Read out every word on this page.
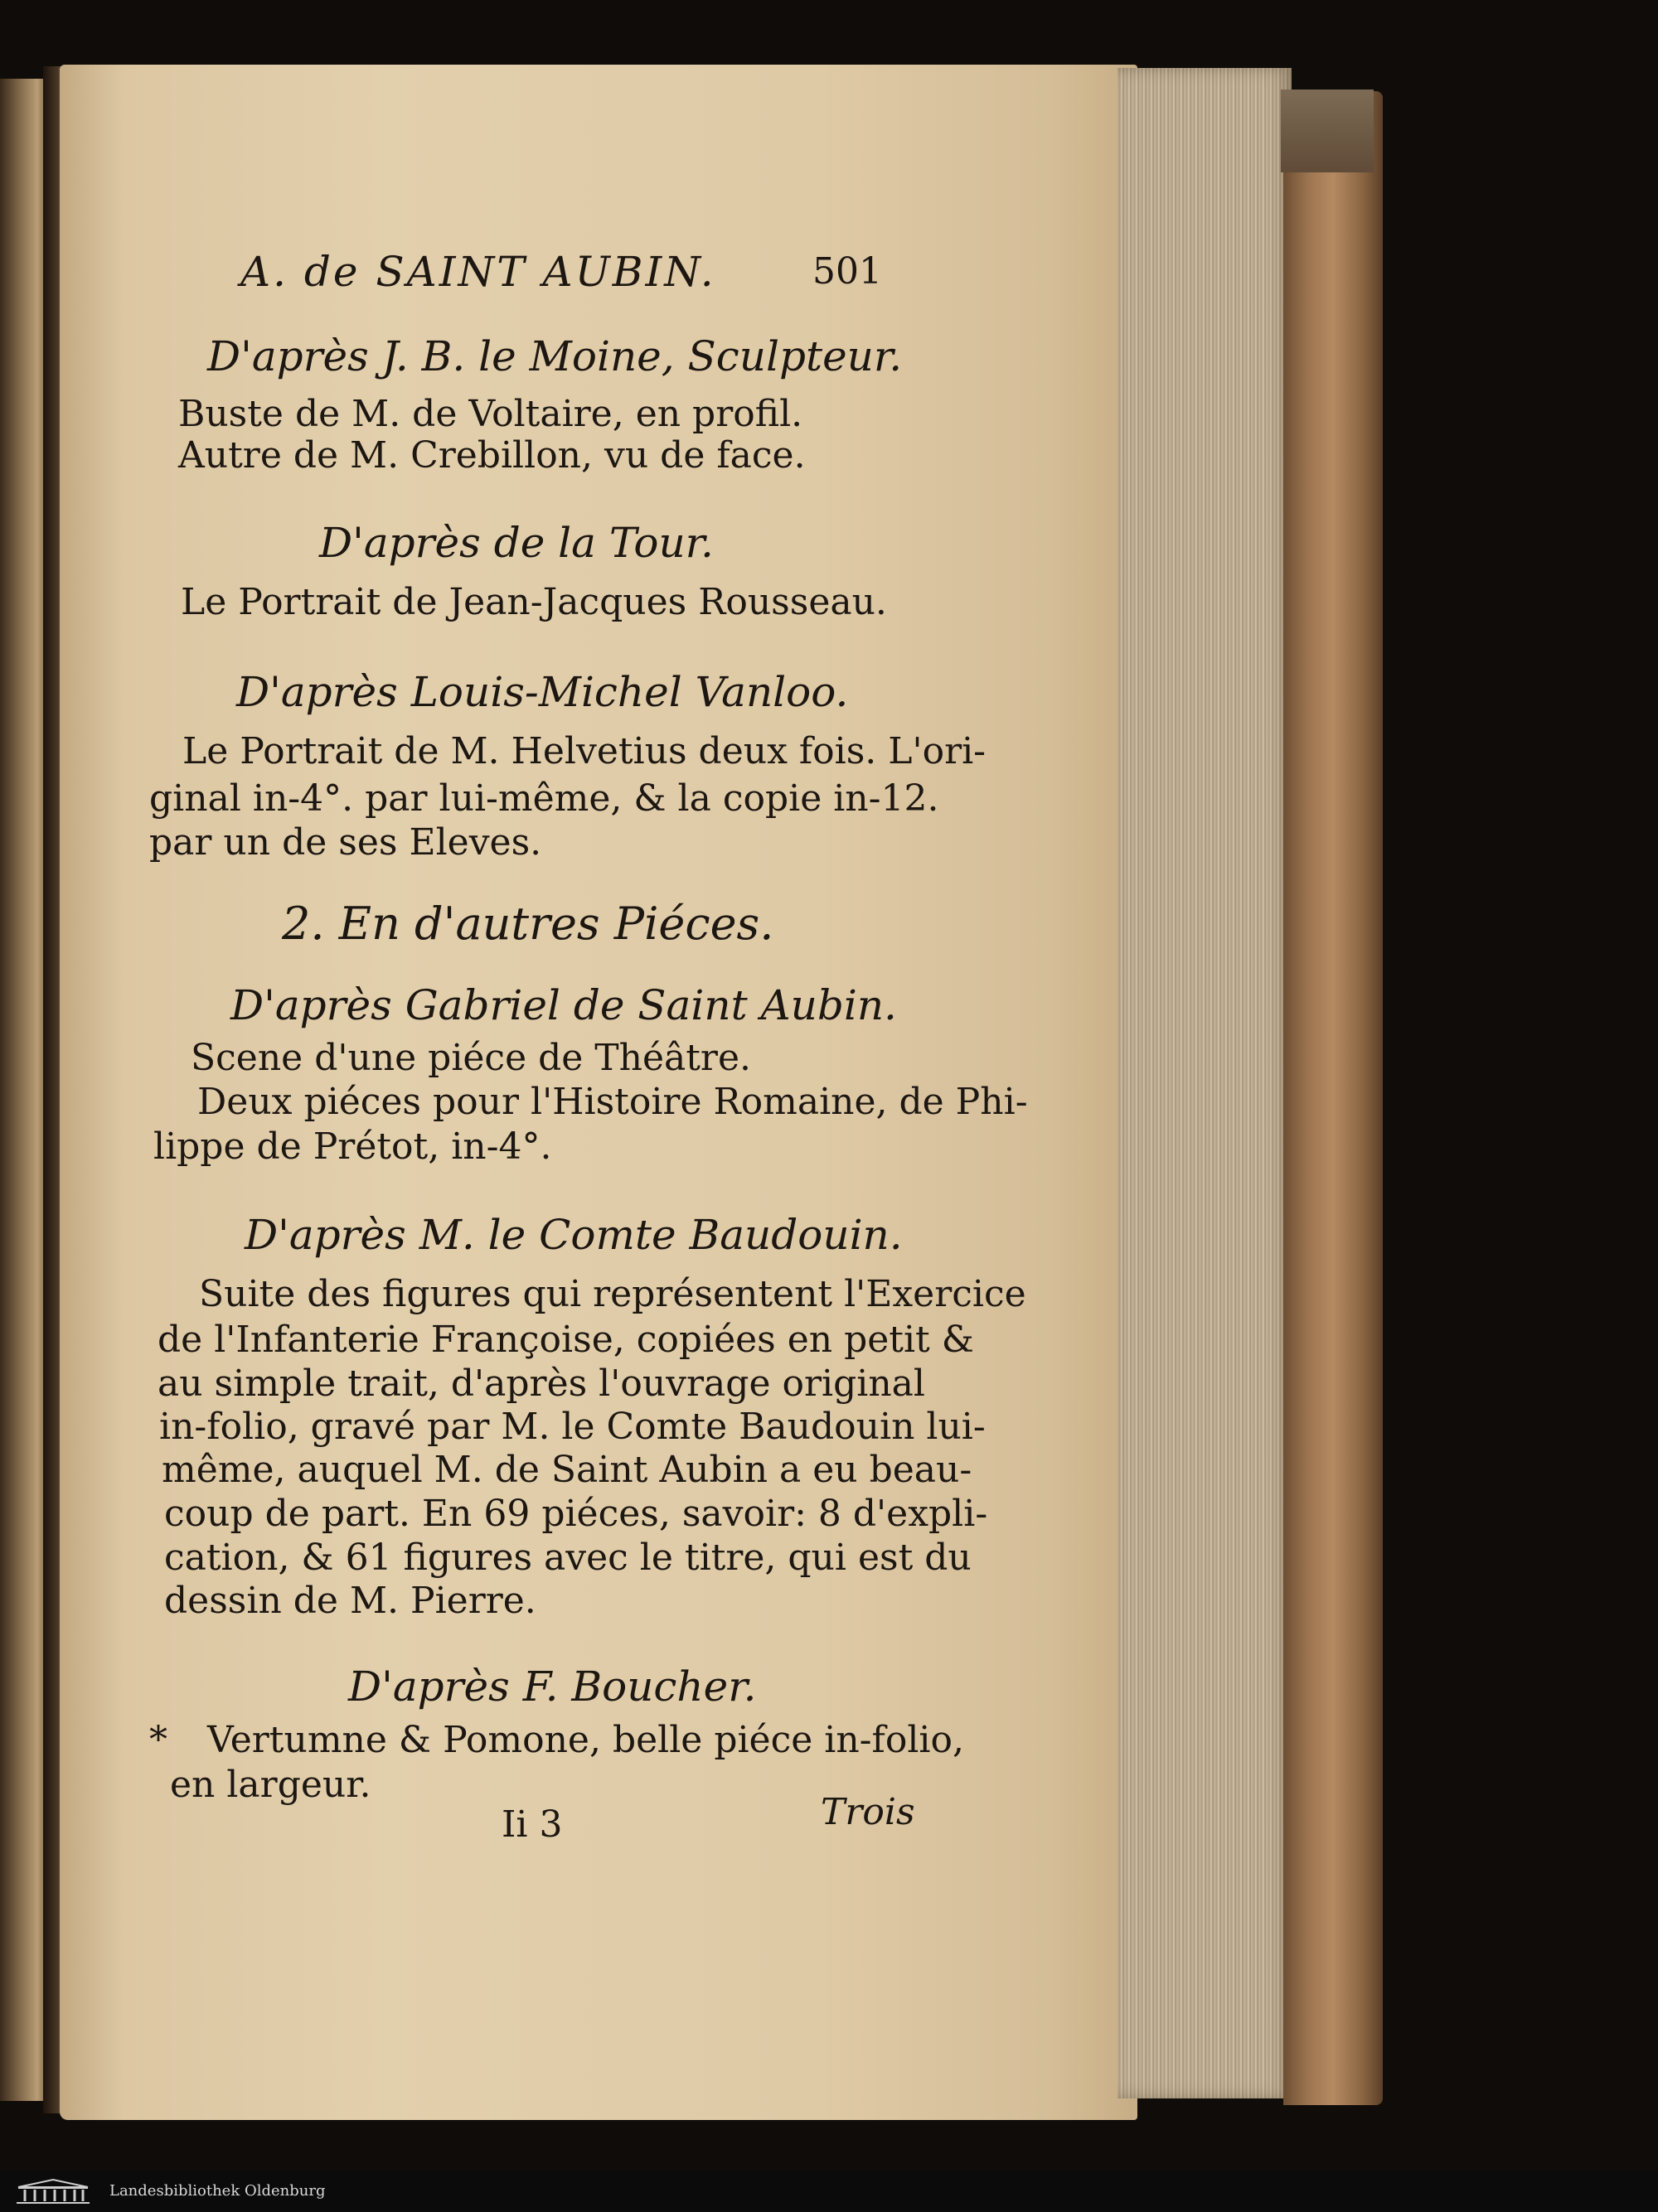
A. de SAINT AUBIN.	501
D'après J. B. le Moine, Sculpteur.
Buste de M. de Voltaire, en profil.
Autre de M. Crebillon, vu de face.
D'après de la Tour.
Le Portrait de Jean-Jacques Rousseau.
D'après Louis-Michel Vanloo.
Le Portrait de M. Helvetius deux fois. L'ori-
ginal in-4°. par lui-même, & la copie in-12.
par un de ses Eleves.
2. En d'autres Piéces.
D'après Gabriel de Saint Aubin.
Scene d'une piéce de Théâtre.
Deux piéces pour l'Histoire Romaine, de Phi-
lippe de Prétot, in-4°.
D'après M. le Comte Baudouin.
Suite des figures qui représentent l'Exercice
de l'Infanterie Françoise, copiées en petit &
au simple trait, d'après l'ouvrage original
in-folio, gravé par M. le Comte Baudouin lui-
même, auquel M. de Saint Aubin a eu beau-
coup de part. En 69 piéces, savoir: 8 d'expli-
cation, & 61 figures avec le titre, qui est du
dessin de M. Pierre.
D'après F. Boucher.
* Vertumne & Pomone, belle piéce in-folio,
en largeur.
Ii 3	Trois
Landesbibliothek Oldenburg
